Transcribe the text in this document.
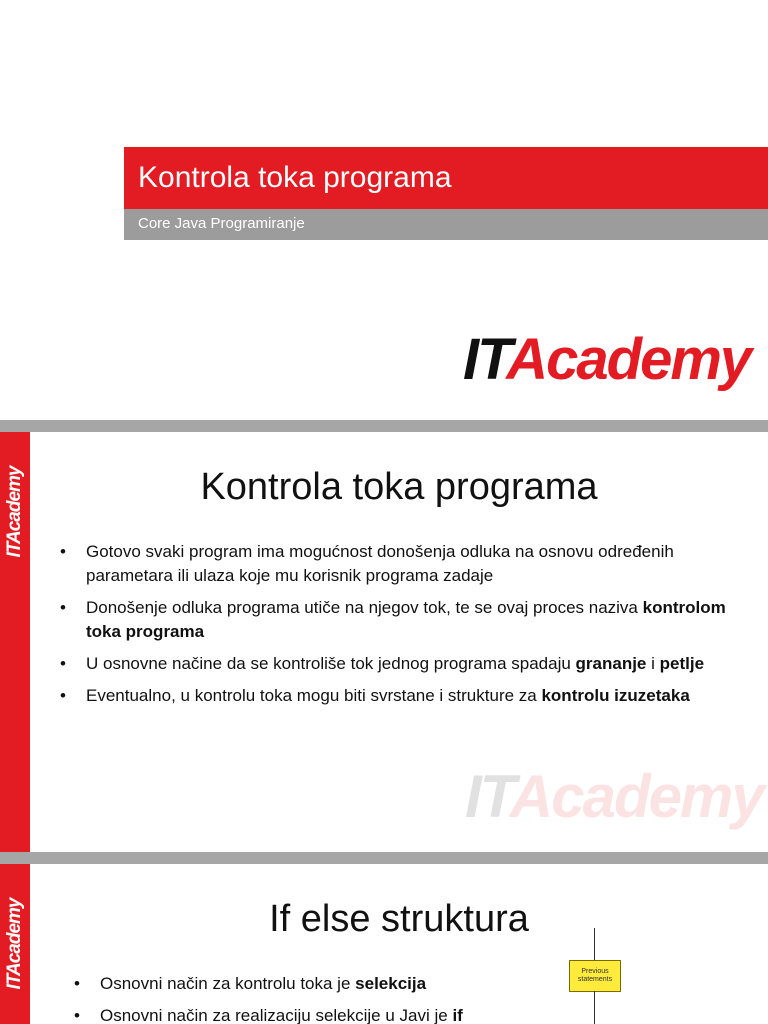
Kontrola toka programa
Core Java Programiranje
ITAcademy
ITAcademy	Kontrola toka programa
• Gotovo svaki program ima mogućnost donošenja odluka na osnovu određenih parametara ili ulaza koje mu korisnik programa zadaje
• Donošenje odluka programa utiče na njegov tok, te se ovaj proces naziva kontrolom toka programa
• U osnovne načine da se kontroliše tok jednog programa spadaju grananje i petlje
• Eventualno, u kontrolu toka mogu biti svrstane i strukture za kontrolu izuzetaka
ITAcademy
ITAcademy	If else struktura
• Osnovni način za kontrolu toka je selekcija
• Osnovni način za realizaciju selekcije u Javi je if
Previous statements
